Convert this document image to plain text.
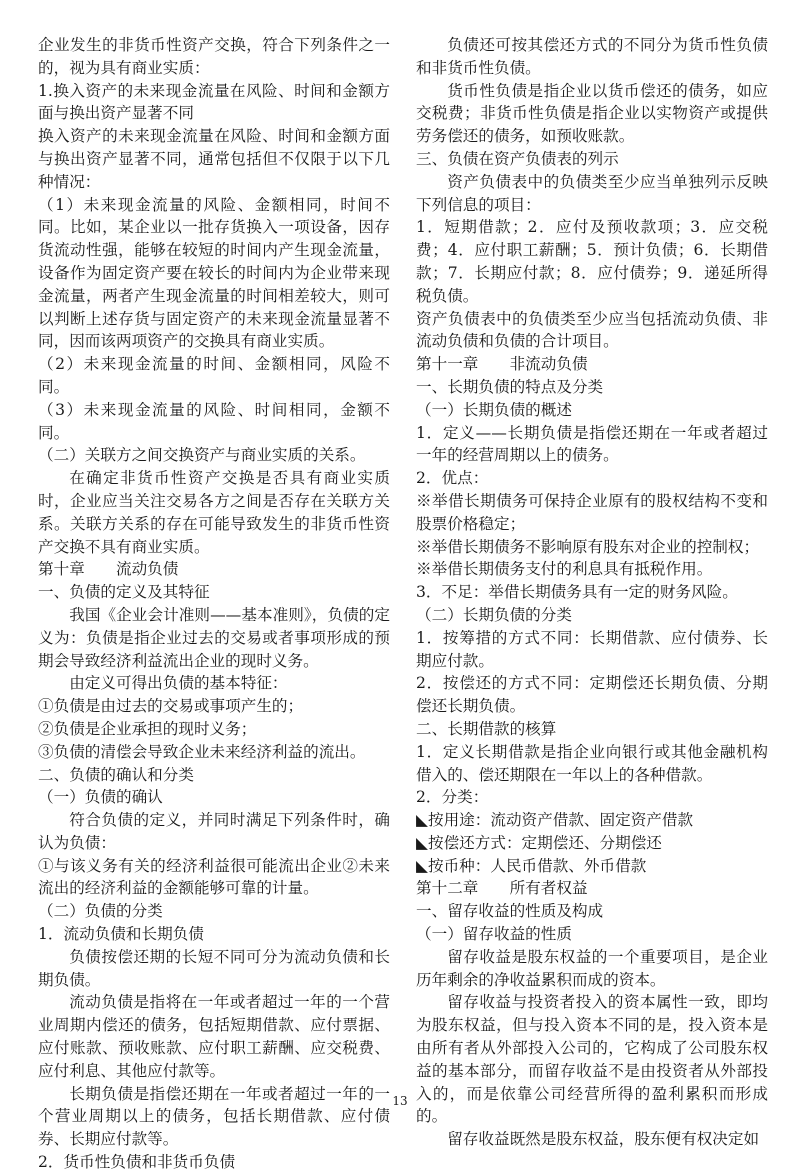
企业发生的非货币性资产交换，符合下列条件之一的，视为具有商业实质：

1.换入资产的未来现金流量在风险、时间和金额方面与换出资产显著不同

换入资产的未来现金流量在风险、时间和金额方面与换出资产显著不同，通常包括但不仅限于以下几种情况：

（1）未来现金流量的风险、金额相同，时间不同。比如，某企业以一批存货换入一项设备，因存货流动性强，能够在较短的时间内产生现金流量，设备作为固定资产要在较长的时间内为企业带来现金流量，两者产生现金流量的时间相差较大，则可以判断上述存货与固定资产的未来现金流量显著不同，因而该两项资产的交换具有商业实质。

（2）未来现金流量的时间、金额相同，风险不同。

（3）未来现金流量的风险、时间相同，金额不同。

（二）关联方之间交换资产与商业实质的关系。

在确定非货币性资产交换是否具有商业实质时，企业应当关注交易各方之间是否存在关联方关系。关联方关系的存在可能导致发生的非货币性资产交换不具有商业实质。

第十章　　流动负债

一、负债的定义及其特征

我国《企业会计准则——基本准则》，负债的定义为：负债是指企业过去的交易或者事项形成的预期会导致经济利益流出企业的现时义务。

由定义可得出负债的基本特征：

①负债是由过去的交易或事项产生的；

②负债是企业承担的现时义务；

③负债的清偿会导致企业未来经济利益的流出。

二、负债的确认和分类

（一）负债的确认

符合负债的定义，并同时满足下列条件时，确认为负债：

①与该义务有关的经济利益很可能流出企业②未来流出的经济利益的金额能够可靠的计量。

（二）负债的分类

1．流动负债和长期负债

负债按偿还期的长短不同可分为流动负债和长期负债。

流动负债是指将在一年或者超过一年的一个营业周期内偿还的债务，包括短期借款、应付票据、应付账款、预收账款、应付职工薪酬、应交税费、应付利息、其他应付款等。

长期负债是指偿还期在一年或者超过一年的一个营业周期以上的债务，包括长期借款、应付债券、长期应付款等。

2．货币性负债和非货币负债

负债还可按其偿还方式的不同分为货币性负债和非货币性负债。

货币性负债是指企业以货币偿还的债务，如应交税费；非货币性负债是指企业以实物资产或提供劳务偿还的债务，如预收账款。

三、负债在资产负债表的列示

资产负债表中的负债类至少应当单独列示反映下列信息的项目：

1．短期借款；2．应付及预收款项；3．应交税费；4．应付职工薪酬；5．预计负债；6．长期借款；7．长期应付款；8．应付债券；9．递延所得税负债。

资产负债表中的负债类至少应当包括流动负债、非流动负债和负债的合计项目。

第十一章　　非流动负债

一、长期负债的特点及分类

（一）长期负债的概述

1．定义——长期负债是指偿还期在一年或者超过一年的经营周期以上的债务。

2．优点：

※举借长期债务可保持企业原有的股权结构不变和股票价格稳定；

※举借长期债务不影响原有股东对企业的控制权；

※举借长期债务支付的利息具有抵税作用。

3．不足：举借长期债务具有一定的财务风险。

（二）长期负债的分类

1．按筹措的方式不同：长期借款、应付债券、长期应付款。

2．按偿还的方式不同：定期偿还长期负债、分期偿还长期负债。

二、长期借款的核算

1．定义长期借款是指企业向银行或其他金融机构借入的、偿还期限在一年以上的各种借款。

2．分类：

◣按用途：流动资产借款、固定资产借款

◣按偿还方式：定期偿还、分期偿还

◣按币种：人民币借款、外币借款

第十二章　　所有者权益

一、留存收益的性质及构成

（一）留存收益的性质

留存收益是股东权益的一个重要项目，是企业历年剩余的净收益累积而成的资本。

留存收益与投资者投入的资本属性一致，即均为股东权益，但与投入资本不同的是，投入资本是由所有者从外部投入公司的，它构成了公司股东权益的基本部分，而留存收益不是由投资者从外部投入的，而是依靠公司经营所得的盈利累积而形成的。

留存收益既然是股东权益，股东便有权决定如

13
